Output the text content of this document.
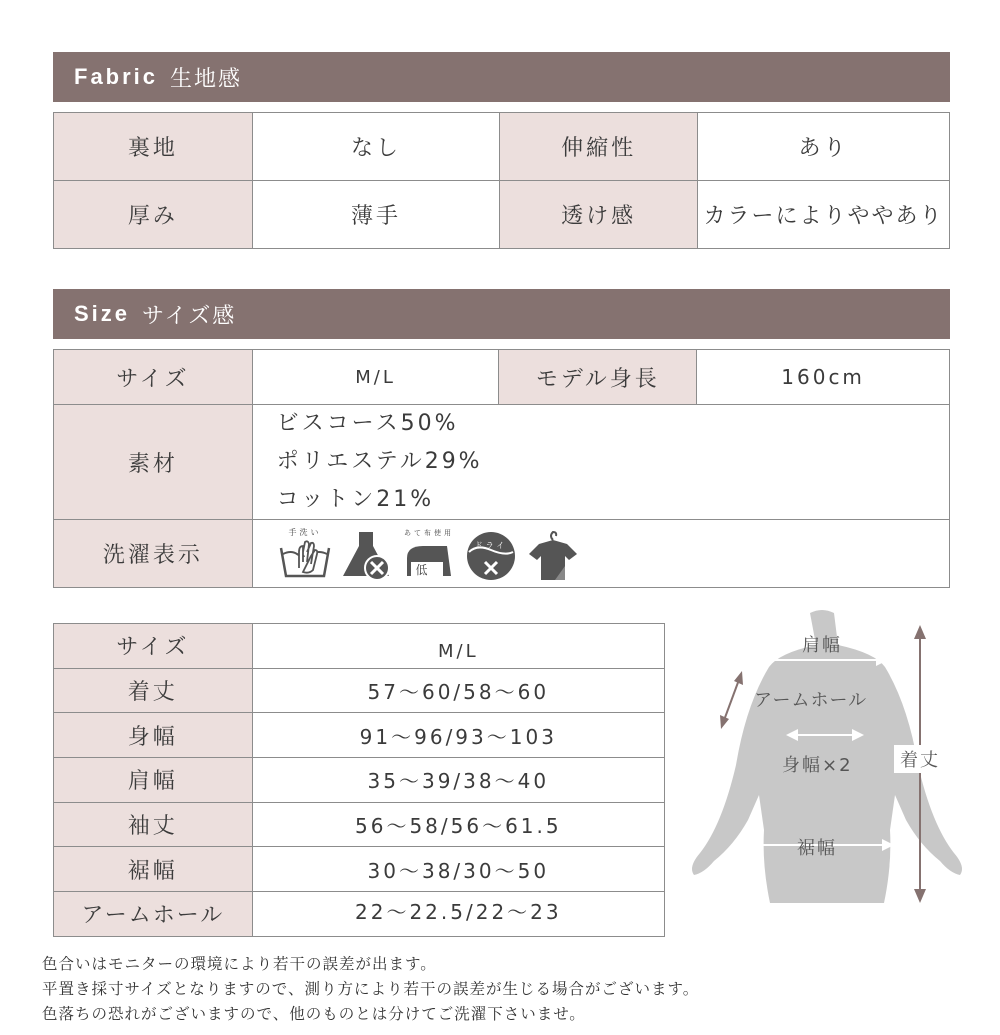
Fabric 生地感
裏地	なし	伸縮性	あり
厚み	薄手	透け感	カラーによりややあり
Size サイズ感
サイズ	M/L	モデル身長	160cm
素材	ビスコース50%
ポリエステル29%
コットン21%		

洗濯表示	手洗い あて布使用
低
ドライ		
サイズ	M/L
着丈	57〜60/58〜60
身幅	91〜96/93〜103
肩幅	35〜39/38〜40
袖丈	56〜58/56〜61.5
裾幅	30〜38/30〜50
アームホール	22〜22.5/22〜23
肩幅
アームホール
身幅×2	着丈
裾幅
色合いはモニターの環境により若干の誤差が出ます。
平置き採寸サイズとなりますので、測り方により若干の誤差が生じる場合がございます。
色落ちの恐れがございますので、他のものとは分けてご洗濯下さいませ。
